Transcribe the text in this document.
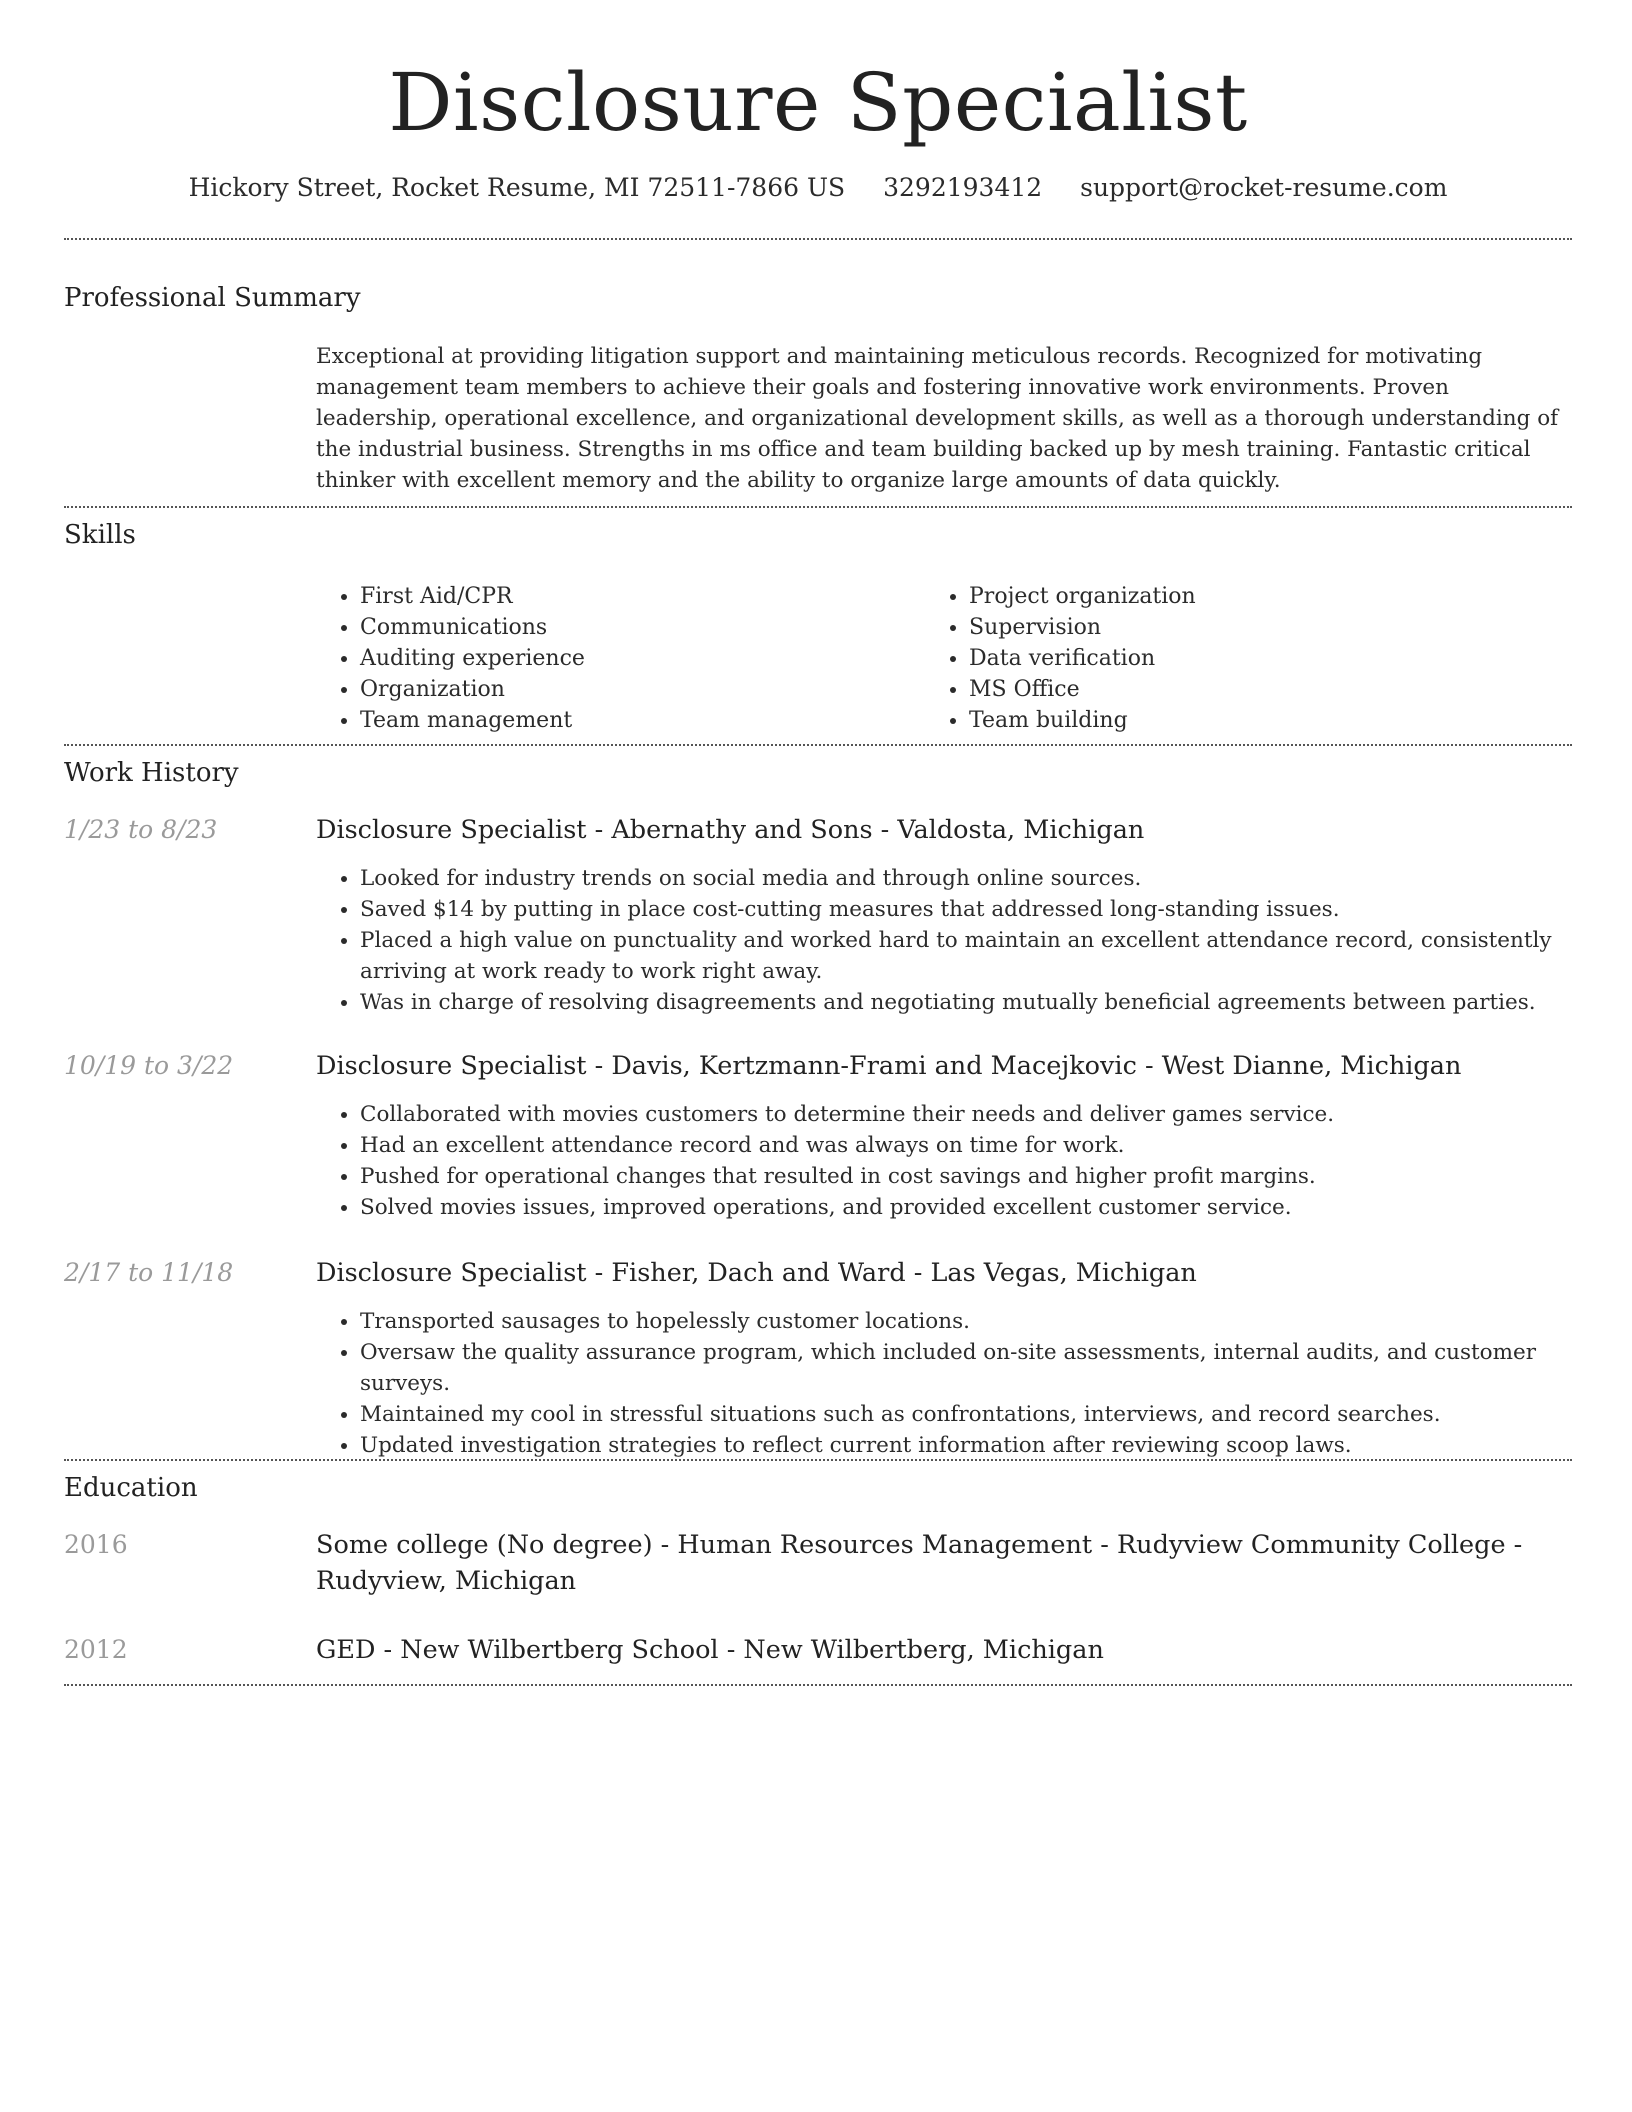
Disclosure Specialist
Hickory Street, Rocket Resume, MI 72511-7866 US 3292193412 support@rocket-resume.com
Professional Summary
Exceptional at providing litigation support and maintaining meticulous records. Recognized for motivating management team members to achieve their goals and fostering innovative work environments. Proven leadership, operational excellence, and organizational development skills, as well as a thorough understanding of the industrial business. Strengths in ms office and team building backed up by mesh training. Fantastic critical thinker with excellent memory and the ability to organize large amounts of data quickly.
Skills
• First Aid/CPR
• Communications
• Auditing experience
• Organization
• Team management
• Project organization
• Supervision
• Data verification
• MS Office
• Team building
Work History
1/23 to 8/23	Disclosure Specialist - Abernathy and Sons - Valdosta, Michigan
• Looked for industry trends on social media and through online sources.
• Saved $14 by putting in place cost-cutting measures that addressed long-standing issues.
• Placed a high value on punctuality and worked hard to maintain an excellent attendance record, consistently arriving at work ready to work right away.
• Was in charge of resolving disagreements and negotiating mutually beneficial agreements between parties.
10/19 to 3/22	Disclosure Specialist - Davis, Kertzmann-Frami and Macejkovic - West Dianne, Michigan
• Collaborated with movies customers to determine their needs and deliver games service.
• Had an excellent attendance record and was always on time for work.
• Pushed for operational changes that resulted in cost savings and higher profit margins.
• Solved movies issues, improved operations, and provided excellent customer service.
2/17 to 11/18	Disclosure Specialist - Fisher, Dach and Ward - Las Vegas, Michigan
• Transported sausages to hopelessly customer locations.
• Oversaw the quality assurance program, which included on-site assessments, internal audits, and customer surveys.
• Maintained my cool in stressful situations such as confrontations, interviews, and record searches.
• Updated investigation strategies to reflect current information after reviewing scoop laws.
Education
2016	Some college (No degree) - Human Resources Management - Rudyview Community College - Rudyview, Michigan
2012	GED - New Wilbertberg School - New Wilbertberg, Michigan
